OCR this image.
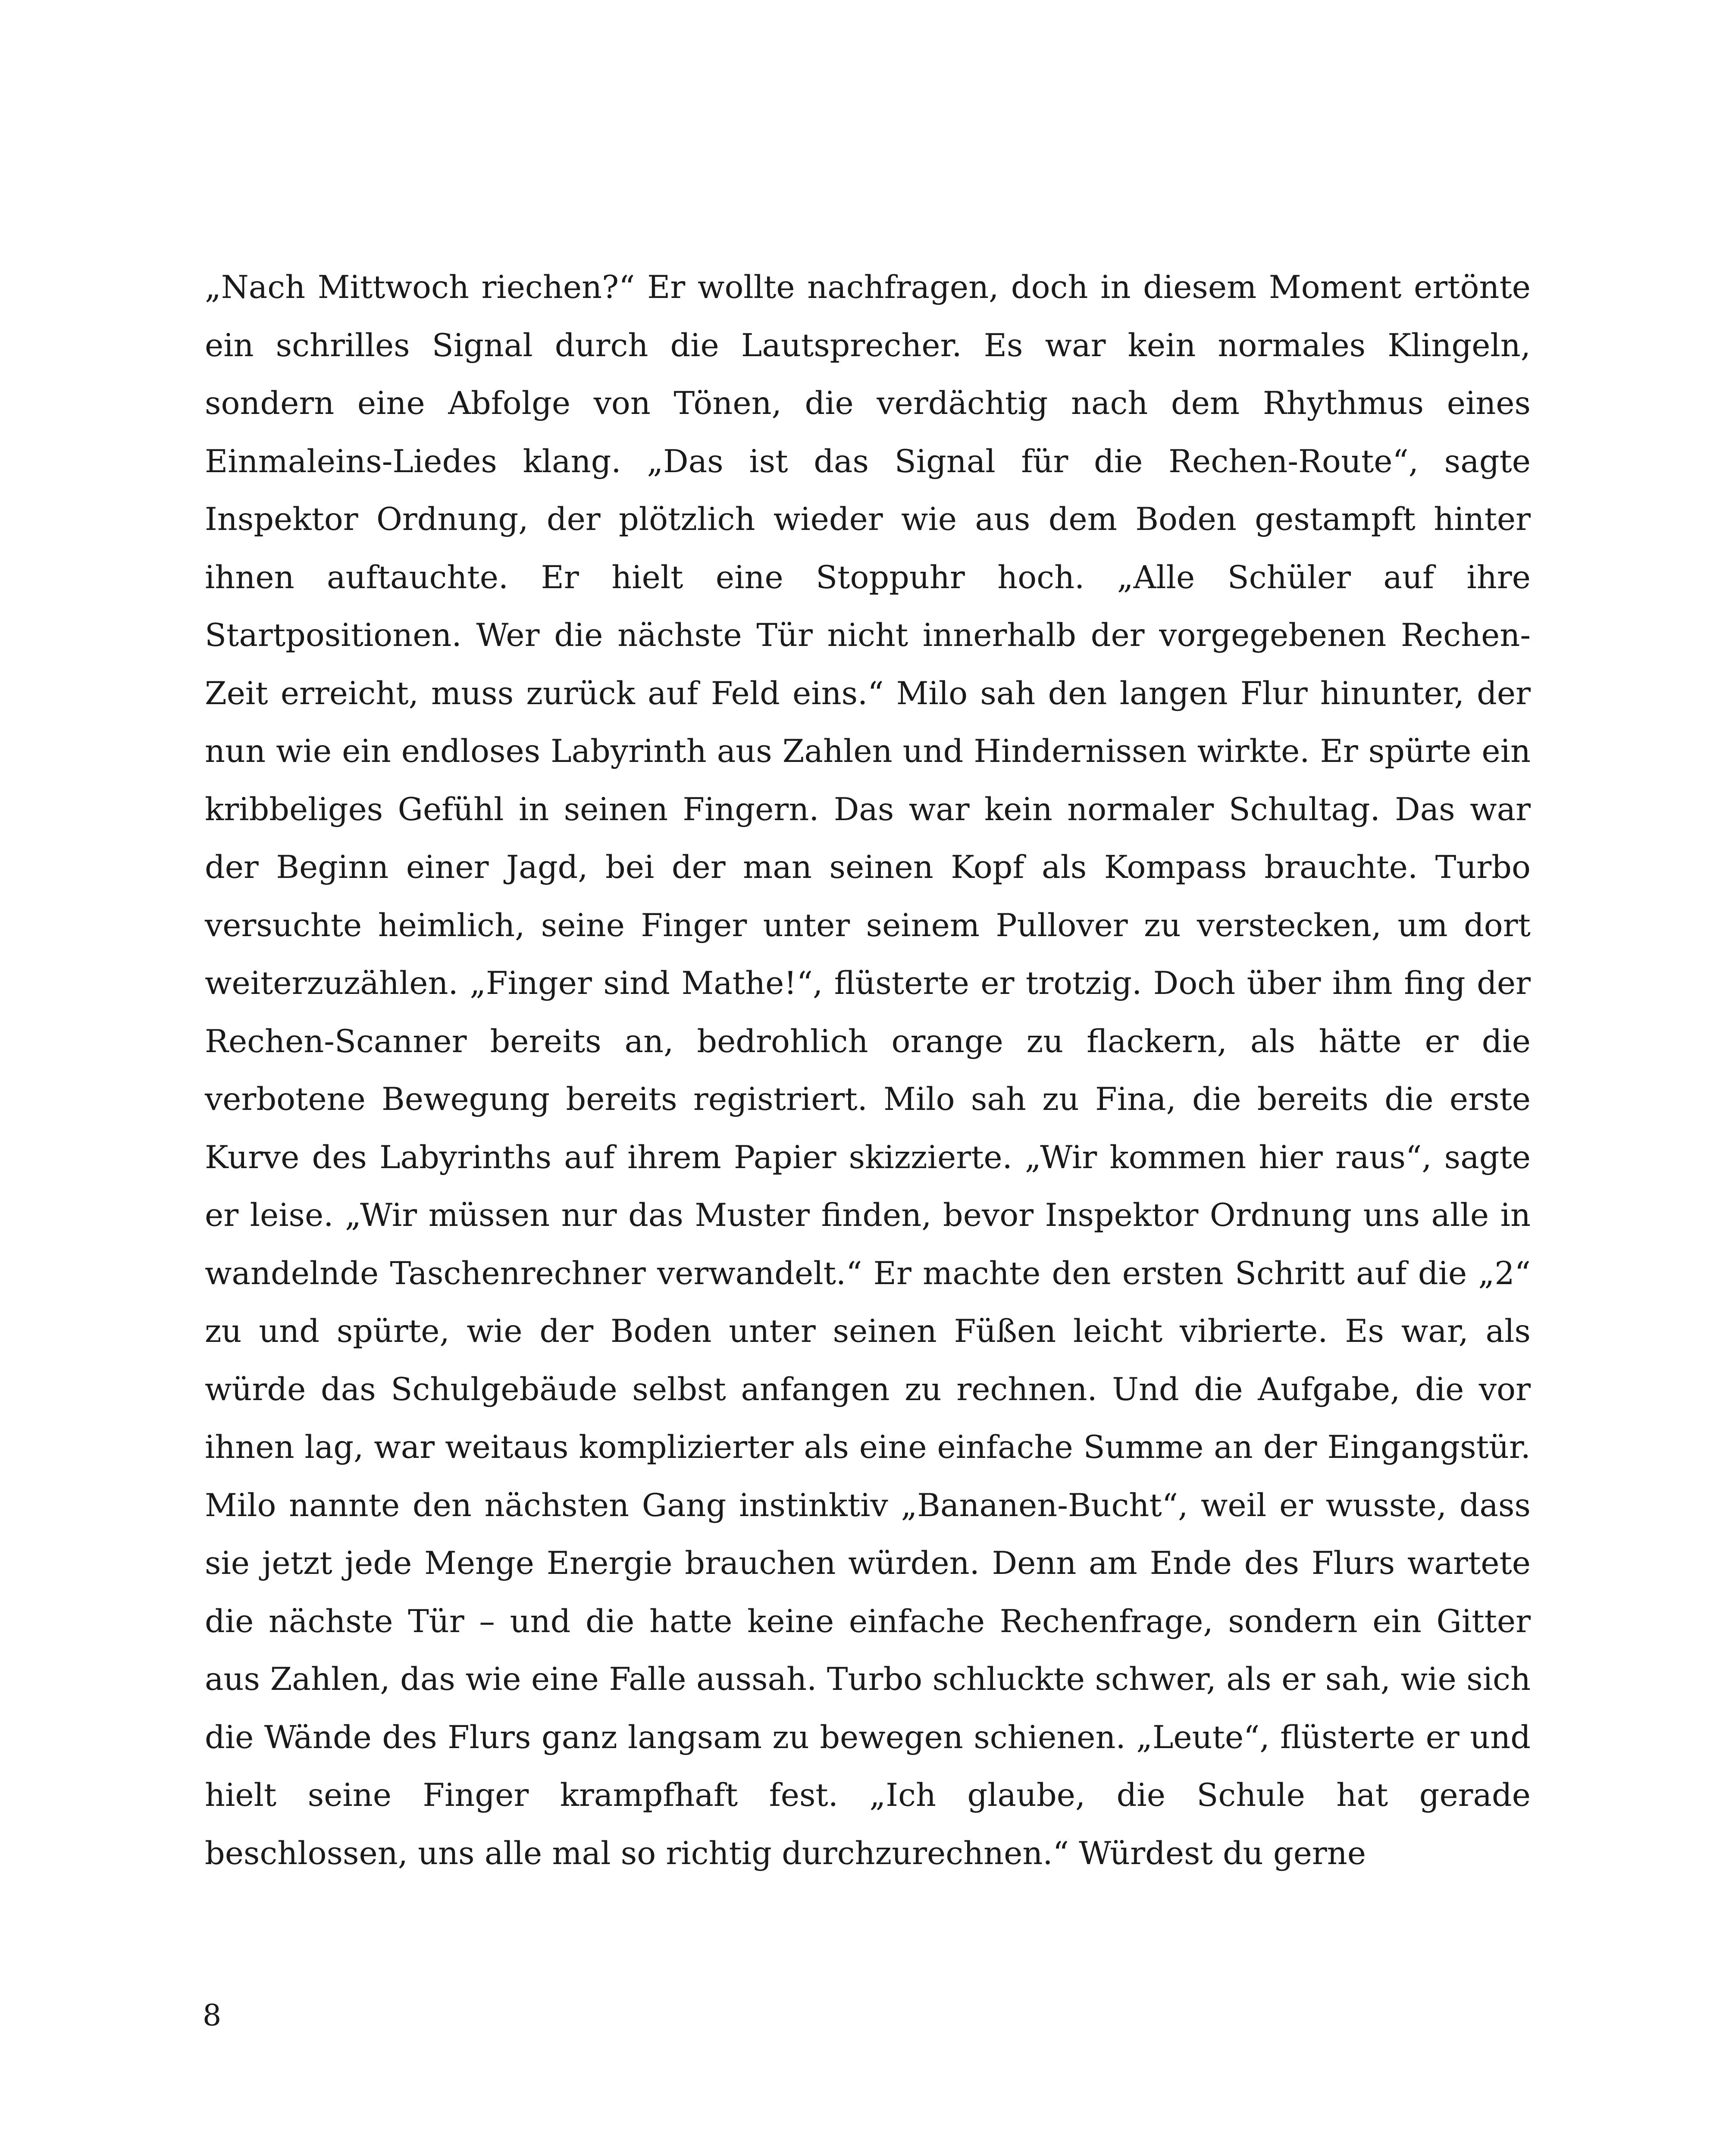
„Nach Mittwoch riechen?“ Er wollte nachfragen, doch in diesem Moment ertönte ein schrilles Signal durch die Lautsprecher. Es war kein normales Klingeln, sondern eine Abfolge von Tönen, die verdächtig nach dem Rhythmus eines Einmaleins-Liedes klang. „Das ist das Signal für die Rechen-Route“, sagte Inspektor Ordnung, der plötzlich wieder wie aus dem Boden gestampft hinter ihnen auftauchte. Er hielt eine Stoppuhr hoch. „Alle Schüler auf ihre Startpositionen. Wer die nächste Tür nicht innerhalb der vorgegebenen Rechen-Zeit erreicht, muss zurück auf Feld eins.“ Milo sah den langen Flur hinunter, der nun wie ein endloses Labyrinth aus Zahlen und Hindernissen wirkte. Er spürte ein kribbeliges Gefühl in seinen Fingern. Das war kein normaler Schultag. Das war der Beginn einer Jagd, bei der man seinen Kopf als Kompass brauchte. Turbo versuchte heimlich, seine Finger unter seinem Pullover zu verstecken, um dort weiterzuzählen. „Finger sind Mathe!“, flüsterte er trotzig. Doch über ihm fing der Rechen-Scanner bereits an, bedrohlich orange zu flackern, als hätte er die verbotene Bewegung bereits registriert. Milo sah zu Fina, die bereits die erste Kurve des Labyrinths auf ihrem Papier skizzierte. „Wir kommen hier raus“, sagte er leise. „Wir müssen nur das Muster finden, bevor Inspektor Ordnung uns alle in wandelnde Taschenrechner verwandelt.“ Er machte den ersten Schritt auf die „2“ zu und spürte, wie der Boden unter seinen Füßen leicht vibrierte. Es war, als würde das Schulgebäude selbst anfangen zu rechnen. Und die Aufgabe, die vor ihnen lag, war weitaus komplizierter als eine einfache Summe an der Eingangstür. Milo nannte den nächsten Gang instinktiv „Bananen-Bucht“, weil er wusste, dass sie jetzt jede Menge Energie brauchen würden. Denn am Ende des Flurs wartete die nächste Tür – und die hatte keine einfache Rechenfrage, sondern ein Gitter aus Zahlen, das wie eine Falle aussah. Turbo schluckte schwer, als er sah, wie sich die Wände des Flurs ganz langsam zu bewegen schienen. „Leute“, flüsterte er und hielt seine Finger krampfhaft fest. „Ich glaube, die Schule hat gerade beschlossen, uns alle mal so richtig durchzurechnen.“ Würdest du gerne

8
